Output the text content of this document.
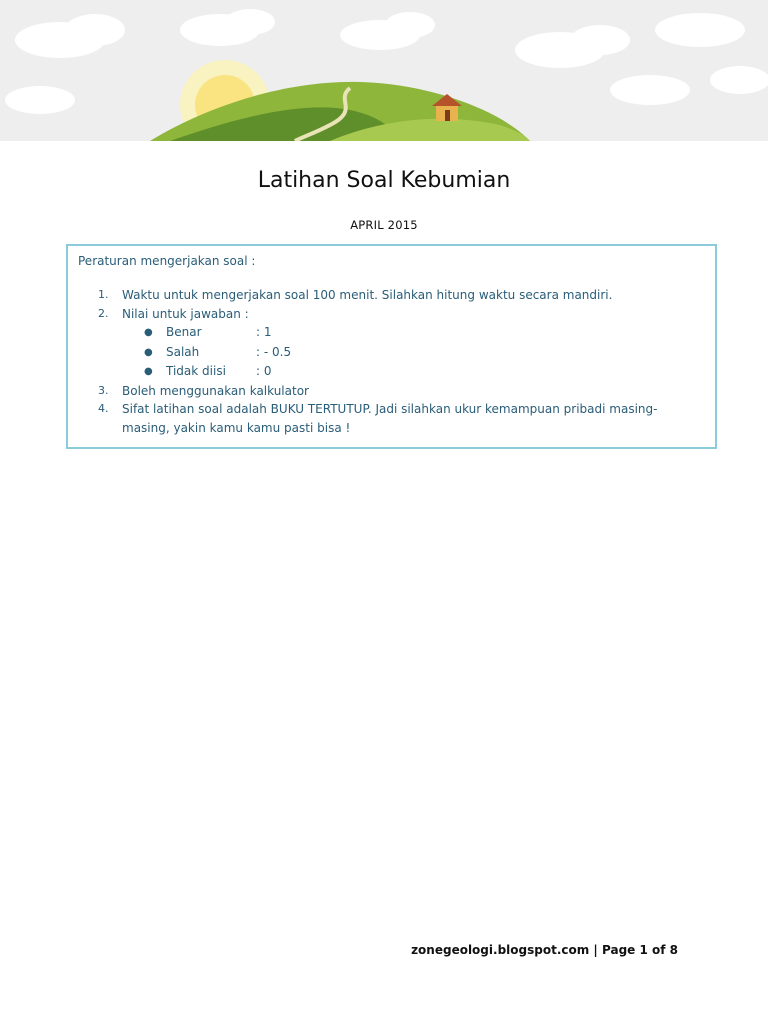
Latihan Soal Kebumian
APRIL 2015

Peraturan mengerjakan soal :

1. Waktu untuk mengerjakan soal 100 menit. Silahkan hitung waktu secara mandiri.
2. Nilai untuk jawaban :
● Benar	: 1
● Salah	: - 0.5
● Tidak diisi	: 0
3. Boleh menggunakan kalkulator
4. Sifat latihan soal adalah BUKU TERTUTUP. Jadi silahkan ukur kemampuan pribadi masing-masing, yakin kamu kamu pasti bisa !
zonegeologi.blogspot.com | Page 1 of 8
